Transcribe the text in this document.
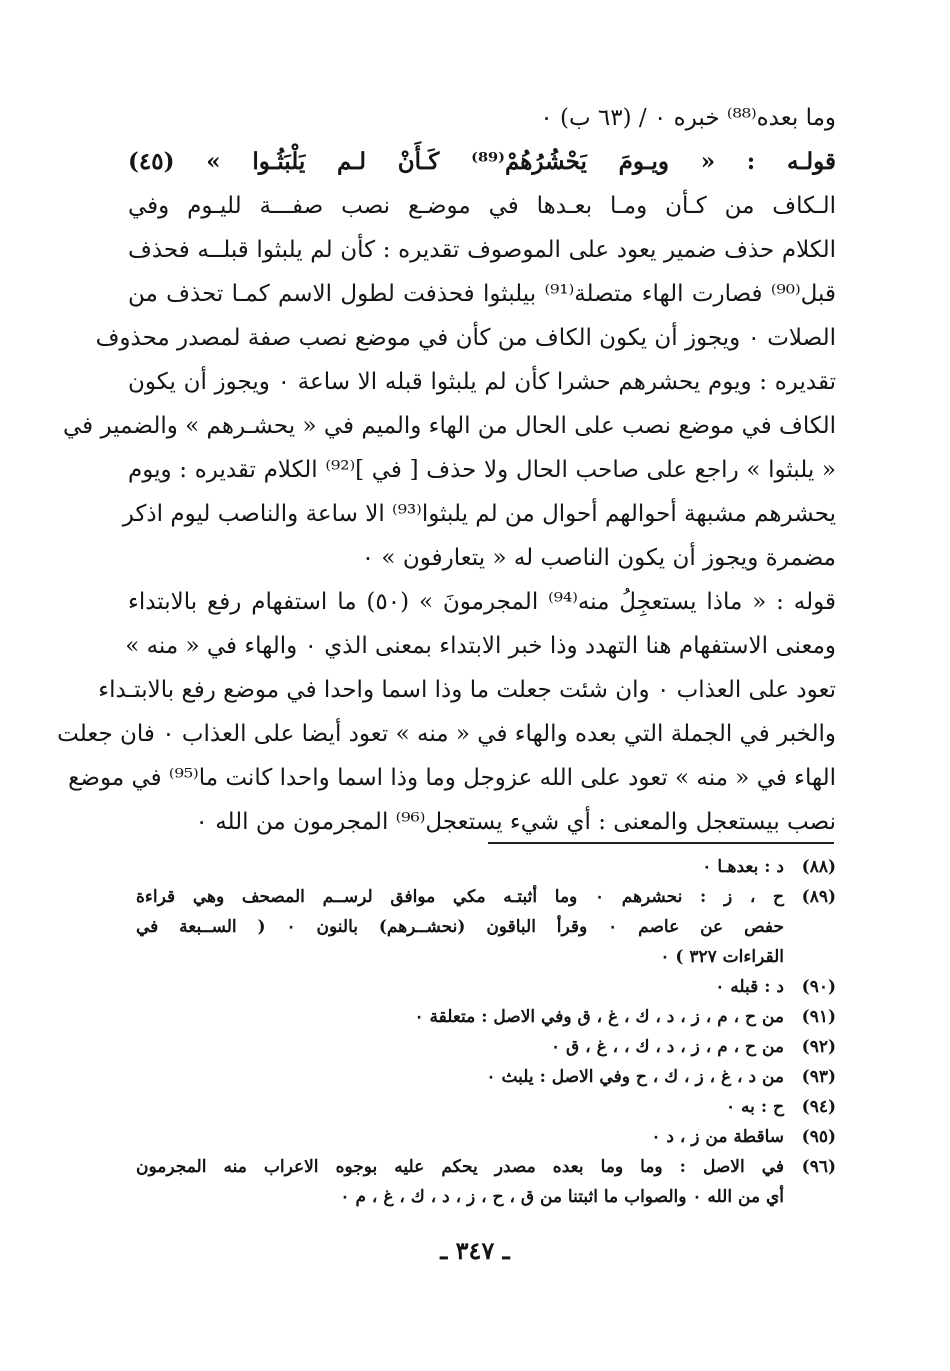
وما بعده⁽⁸⁸⁾ خبره ٠ / (٦٣ ب) ٠
قولـه : « ويـومَ يَحْشُرُهُمْ⁽⁸⁹⁾ كَـأَنْ لـم يَلْبَثُـوا » (٤٥)
الـكاف من كـأن ومـا بعـدها في موضـع نصب صفـــة لليـوم وفي
الكلام حذف ضمير يعود على الموصوف تقديره : كأن لم يلبثوا قبلــه فحذف
قبل⁽⁹⁰⁾ فصارت الهاء متصلة⁽⁹¹⁾ بيلبثوا فحذفت لطول الاسم كمـا تحذف من
الصلات ٠ ويجوز أن يكون الكاف من كأن في موضع نصب صفة لمصدر محذوف
تقديره : ويوم يحشرهم حشرا كأن لم يلبثوا قبله الا ساعة ٠ ويجوز أن يكون
الكاف في موضع نصب على الحال من الهاء والميم في « يحشـرهم » والضمير في
« يلبثوا » راجع على صاحب الحال ولا حذف [ في ]⁽⁹²⁾ الكلام تقديره : ويوم
يحشرهم مشبهة أحوالهم أحوال من لم يلبثوا⁽⁹³⁾ الا ساعة والناصب ليوم اذكر
مضمرة ويجوز أن يكون الناصب له « يتعارفون » ٠
قوله : « ماذا يستعجِلُ منه⁽⁹⁴⁾ المجرمونَ » (٥٠) ما استفهام رفع بالابتداء
ومعنى الاستفهام هنا التهدد وذا خبر الابتداء بمعنى الذي ٠ والهاء في « منه »
تعود على العذاب ٠ وان شئت جعلت ما وذا اسما واحدا في موضع رفع بالابتـداء
والخبر في الجملة التي بعده والهاء في « منه » تعود أيضا على العذاب ٠ فان جعلت
الهاء في « منه » تعود على الله عزوجل وما وذا اسما واحدا كانت ما⁽⁹⁵⁾ في موضع
نصب بيستعجل والمعنى : أي شيء يستعجل⁽⁹⁶⁾ المجرمون من الله ٠
(٨٨)
د : بعدهـا ٠
(٨٩)
ح ، ز : نحشرهم ٠ وما أثبتـه مكي موافق لرســم المصحف وهي قراءة
حفص عن عاصم ٠ وقرأ الباقون (نحشــرهم) بالنون ٠ ( الســبعة في
القراءات ٣٢٧ ) ٠
(٩٠)
د : قبله ٠
(٩١)
من ح ، م ، ز ، د ، ك ، غ ، ق وفي الاصل : متعلقة ٠
(٩٢)
من ح ، م ، ز ، د ، ك ، ، غ ، ق ٠
(٩٣)
من د ، غ ، ز ، ك ، ح وفي الاصل : يلبث ٠
(٩٤)
ح : به ٠
(٩٥)
ساقطة من ز ، د ٠
(٩٦)
في الاصل : وما وما بعده مصدر يحكم عليه بوجوه الاعراب منه المجرمون
أي من الله ٠ والصواب ما اثبتنا من ق ، ح ، ز ، د ، ك ، غ ، م ٠
ـ ٣٤٧ ـ
